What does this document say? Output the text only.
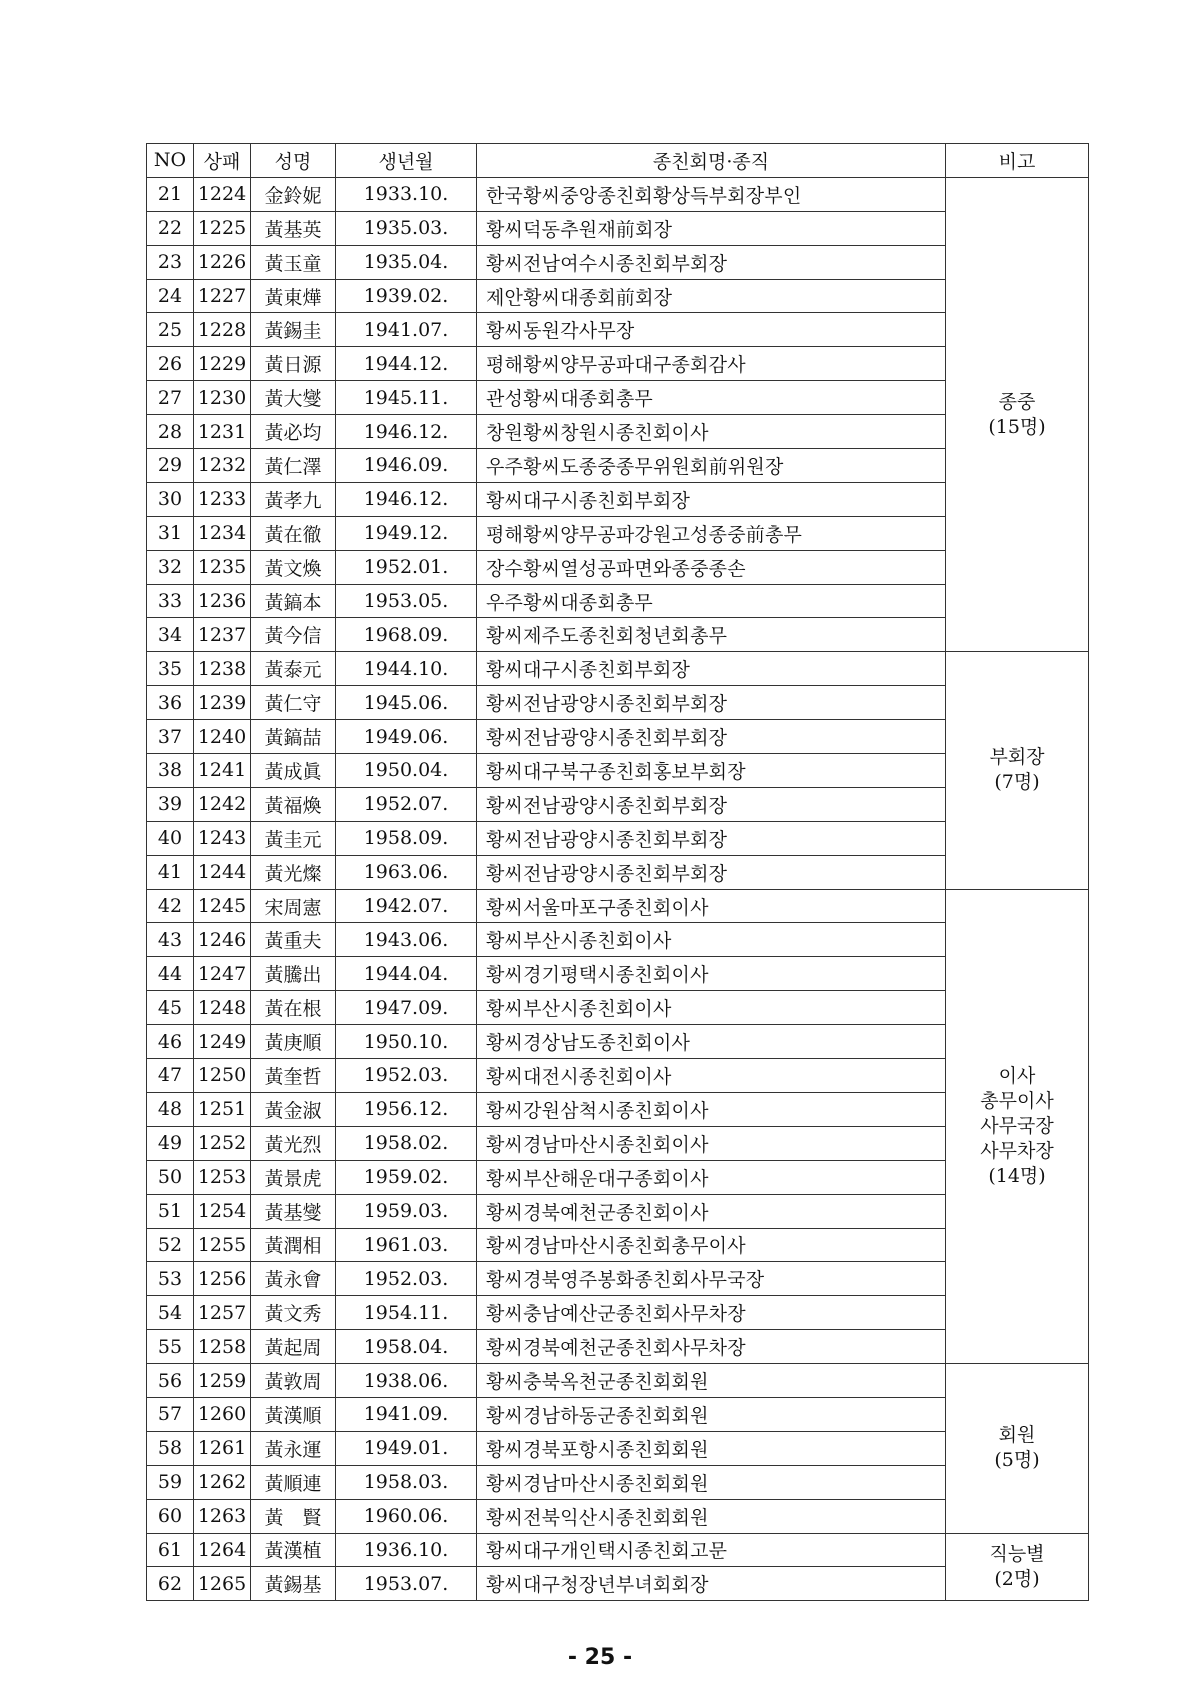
NO	상패	성명	생년월	종친회명·종직	비고
21	1224	金鈴妮	1933.10.	한국황씨중앙종친회황상득부회장부인	종중
(15명)

22	1225	黃基英	1935.03.	황씨덕동추원재前회장	
23	1226	黃玉童	1935.04.	황씨전남여수시종친회부회장	
24	1227	黃東燁	1939.02.	제안황씨대종회前회장	
25	1228	黃錫圭	1941.07.	황씨동원각사무장	
26	1229	黃日源	1944.12.	평해황씨양무공파대구종회감사	
27	1230	黃大燮	1945.11.	관성황씨대종회총무	
28	1231	黃必均	1946.12.	창원황씨창원시종친회이사	
29	1232	黃仁澤	1946.09.	우주황씨도종중종무위원회前위원장	
30	1233	黃孝九	1946.12.	황씨대구시종친회부회장	
31	1234	黃在徹	1949.12.	평해황씨양무공파강원고성종중前총무	
32	1235	黃文煥	1952.01.	장수황씨열성공파면와종중종손	
33	1236	黃鎬本	1953.05.	우주황씨대종회총무	
34	1237	黃今信	1968.09.	황씨제주도종친회청년회총무	
35	1238	黃泰元	1944.10.	황씨대구시종친회부회장	부회장
(7명)

36	1239	黃仁守	1945.06.	황씨전남광양시종친회부회장	
37	1240	黃鎬喆	1949.06.	황씨전남광양시종친회부회장	
38	1241	黃成眞	1950.04.	황씨대구북구종친회홍보부회장	
39	1242	黃福煥	1952.07.	황씨전남광양시종친회부회장	
40	1243	黃圭元	1958.09.	황씨전남광양시종친회부회장	
41	1244	黃光燦	1963.06.	황씨전남광양시종친회부회장	
42	1245	宋周憲	1942.07.	황씨서울마포구종친회이사	이사
총무이사
사무국장
사무차장
(14명)

43	1246	黃重夫	1943.06.	황씨부산시종친회이사	
44	1247	黃騰出	1944.04.	황씨경기평택시종친회이사	
45	1248	黃在根	1947.09.	황씨부산시종친회이사	
46	1249	黃庚順	1950.10.	황씨경상남도종친회이사	
47	1250	黃奎哲	1952.03.	황씨대전시종친회이사	
48	1251	黃金淑	1956.12.	황씨강원삼척시종친회이사	
49	1252	黃光烈	1958.02.	황씨경남마산시종친회이사	
50	1253	黃景虎	1959.02.	황씨부산해운대구종회이사	
51	1254	黃基燮	1959.03.	황씨경북예천군종친회이사	
52	1255	黃潤相	1961.03.	황씨경남마산시종친회총무이사	
53	1256	黃永會	1952.03.	황씨경북영주봉화종친회사무국장	
54	1257	黃文秀	1954.11.	황씨충남예산군종친회사무차장	
55	1258	黃起周	1958.04.	황씨경북예천군종친회사무차장	
56	1259	黃敦周	1938.06.	황씨충북옥천군종친회회원	회원
(5명)

57	1260	黃漢順	1941.09.	황씨경남하동군종친회회원	
58	1261	黃永運	1949.01.	황씨경북포항시종친회회원	
59	1262	黃順連	1958.03.	황씨경남마산시종친회회원	
60	1263	黃　賢	1960.06.	황씨전북익산시종친회회원	
61	1264	黃漢植	1936.10.	황씨대구개인택시종친회고문	직능별
(2명)

62	1265	黃錫基	1953.07.	황씨대구청장년부녀회회장	
- 25 -
